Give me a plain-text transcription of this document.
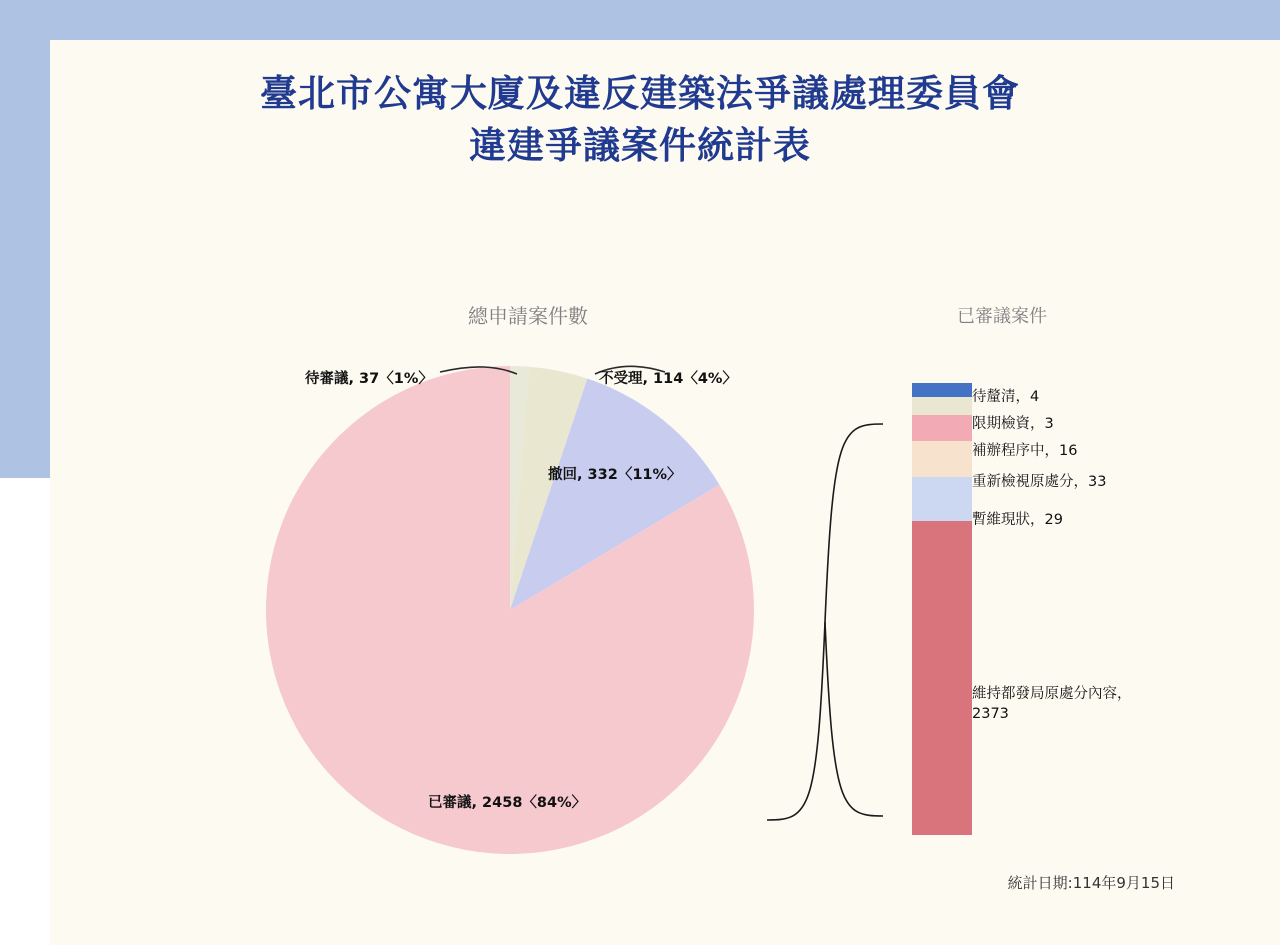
臺北市公寓大廈及違反建築法爭議處理委員會
違建爭議案件統計表
總申請案件數	已審議案件
待審議, 37〈1%〉	不受理, 114〈4%〉
撤回, 332〈11%〉
已審議, 2458〈84%〉
待釐清，4
限期檢資，3
補辦程序中，16
重新檢視原處分，33
暫維現狀，29
維持都發局原處分內容，2373
統計日期:114年9月15日
